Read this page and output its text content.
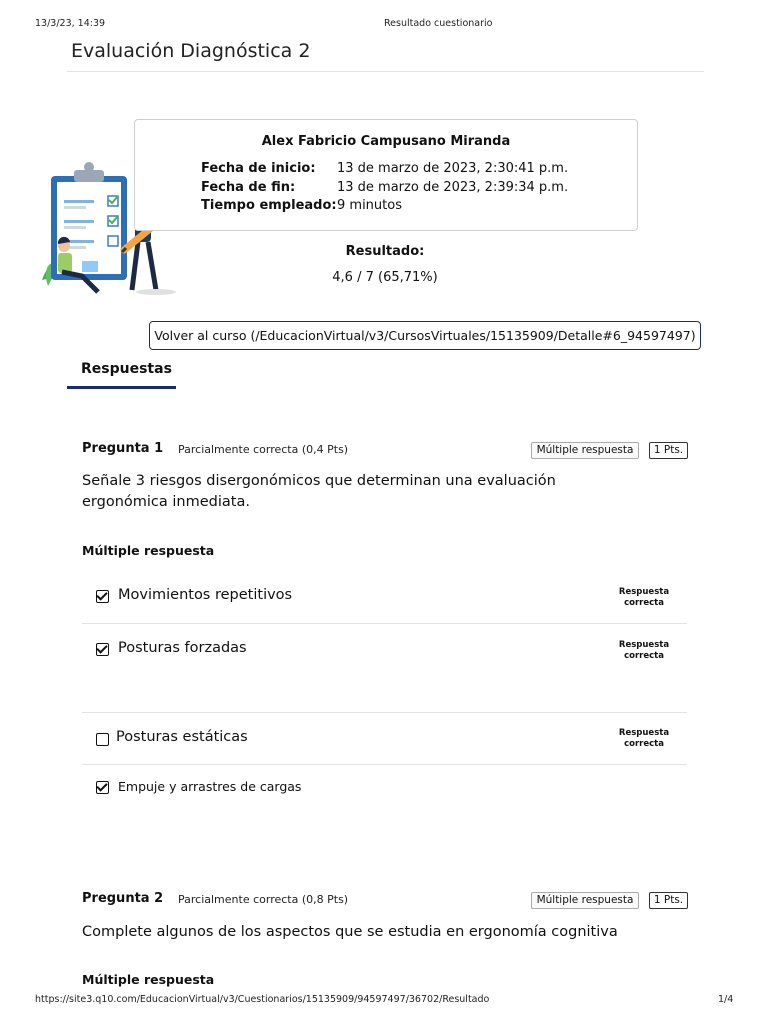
13/3/23, 14:39	Resultado cuestionario
Evaluación Diagnóstica 2
Alex Fabricio Campusano Miranda
Fecha de inicio: 13 de marzo de 2023, 2:30:41 p.m.
Fecha de fin:	13 de marzo de 2023, 2:39:34 p.m.
Tiempo empleado: 9 minutos
Resultado:
4,6 / 7 (65,71%)
Volver al curso (/EducacionVirtual/v3/CursosVirtuales/15135909/Detalle#6_94597497)
Respuestas
Pregunta 1 Parcialmente correcta (0,4 Pts)	Múltiple respuesta	1 Pts.
Señale 3 riesgos disergonómicos que determinan una evaluación ergonómica inmediata.
Múltiple respuesta
Movimientos repetitivos	Respuesta
correcta
Posturas forzadas	Respuesta
correcta
Posturas estáticas	Respuesta
correcta
Empuje y arrastres de cargas
Pregunta 2 Parcialmente correcta (0,8 Pts)	Múltiple respuesta	1 Pts.
Complete algunos de los aspectos que se estudia en ergonomía cognitiva
Múltiple respuesta
https://site3.q10.com/EducacionVirtual/v3/Cuestionarios/15135909/94597497/36702/Resultado	1/4
